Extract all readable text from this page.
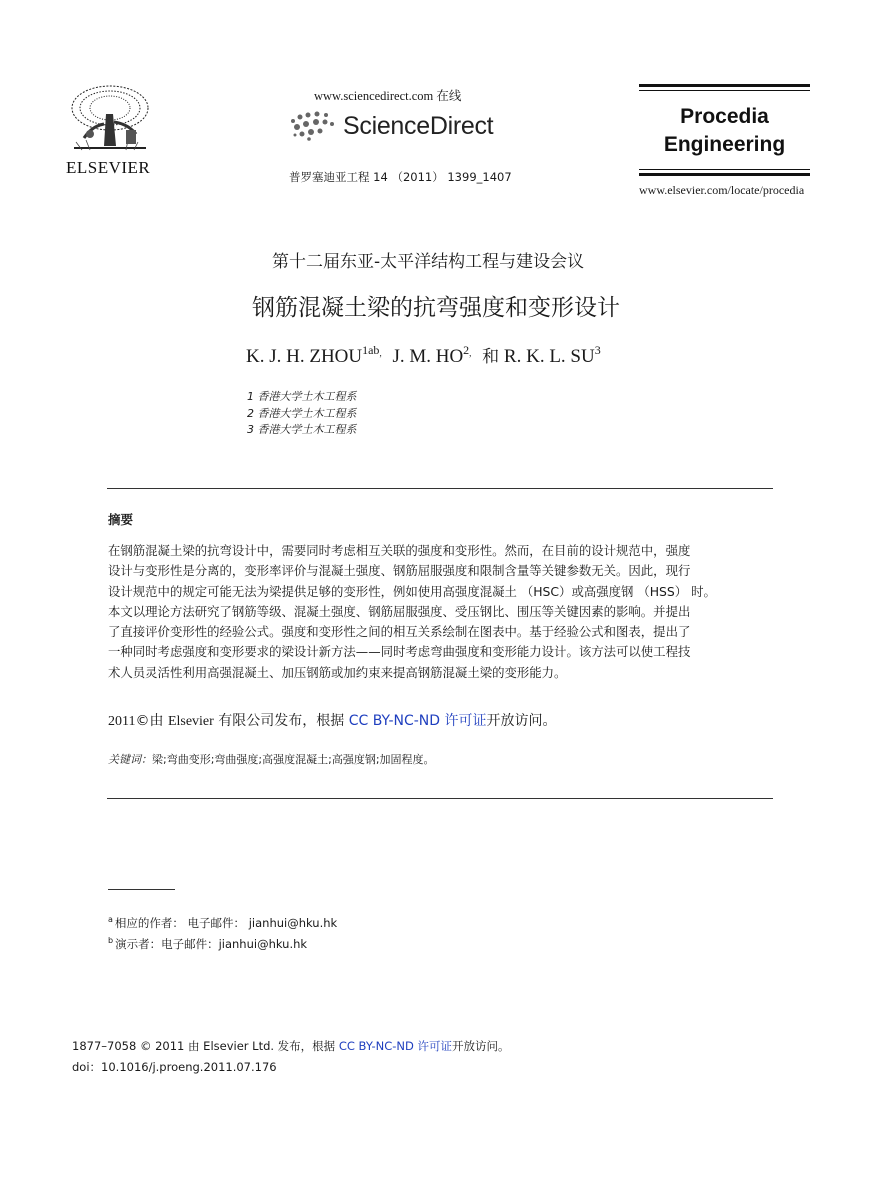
ELSEVIER
www.sciencedirect.com 在线
ScienceDirect
普罗塞迪亚工程 14 （2011） 1399_1407
Procedia
Engineering
www.elsevier.com/locate/procedia
第十二届东亚-太平洋结构工程与建设会议
钢筋混凝土梁的抗弯强度和变形设计
K. J. H. $ZHOU^{1ab,}$ J. M. $HO^{2,}$ 和 R. K. L. $SU^3$
1 香港大学土木工程系
2 香港大学土木工程系
3 香港大学土木工程系
摘要
在钢筋混凝土梁的抗弯设计中，需要同时考虑相互关联的强度和变形性。然而，在目前的设计规范中，强度
设计与变形性是分离的，变形率评价与混凝土强度、钢筋屈服强度和限制含量等关键参数无关。因此，现行
设计规范中的规定可能无法为梁提供足够的变形性，例如使用高强度混凝土 （HSC）或高强度钢 （HSS） 时。
本文以理论方法研究了钢筋等级、混凝土强度、钢筋屈服强度、受压钢比、围压等关键因素的影响。并提出
了直接评价变形性的经验公式。强度和变形性之间的相互关系绘制在图表中。基于经验公式和图表，提出了
一种同时考虑强度和变形要求的梁设计新方法——同时考虑弯曲强度和变形能力设计。该方法可以使工程技
术人员灵活性利用高强混凝土、加压钢筋或加约束来提高钢筋混凝土梁的变形能力。
2011©由 Elsevier 有限公司发布，根据 CC BY-NC-ND 许可证开放访问。
关键词：梁;弯曲变形;弯曲强度;高强度混凝土;高强度钢;加固程度。
$^a$ 相应的作者： 电子邮件： jianhui@hku.hk
$^b$ 演示者：电子邮件：jianhui@hku.hk
1877–7058 © 2011 由 Elsevier Ltd. 发布，根据 CC BY-NC-ND 许可证开放访问。
doi：10.1016/j.proeng.2011.07.176
